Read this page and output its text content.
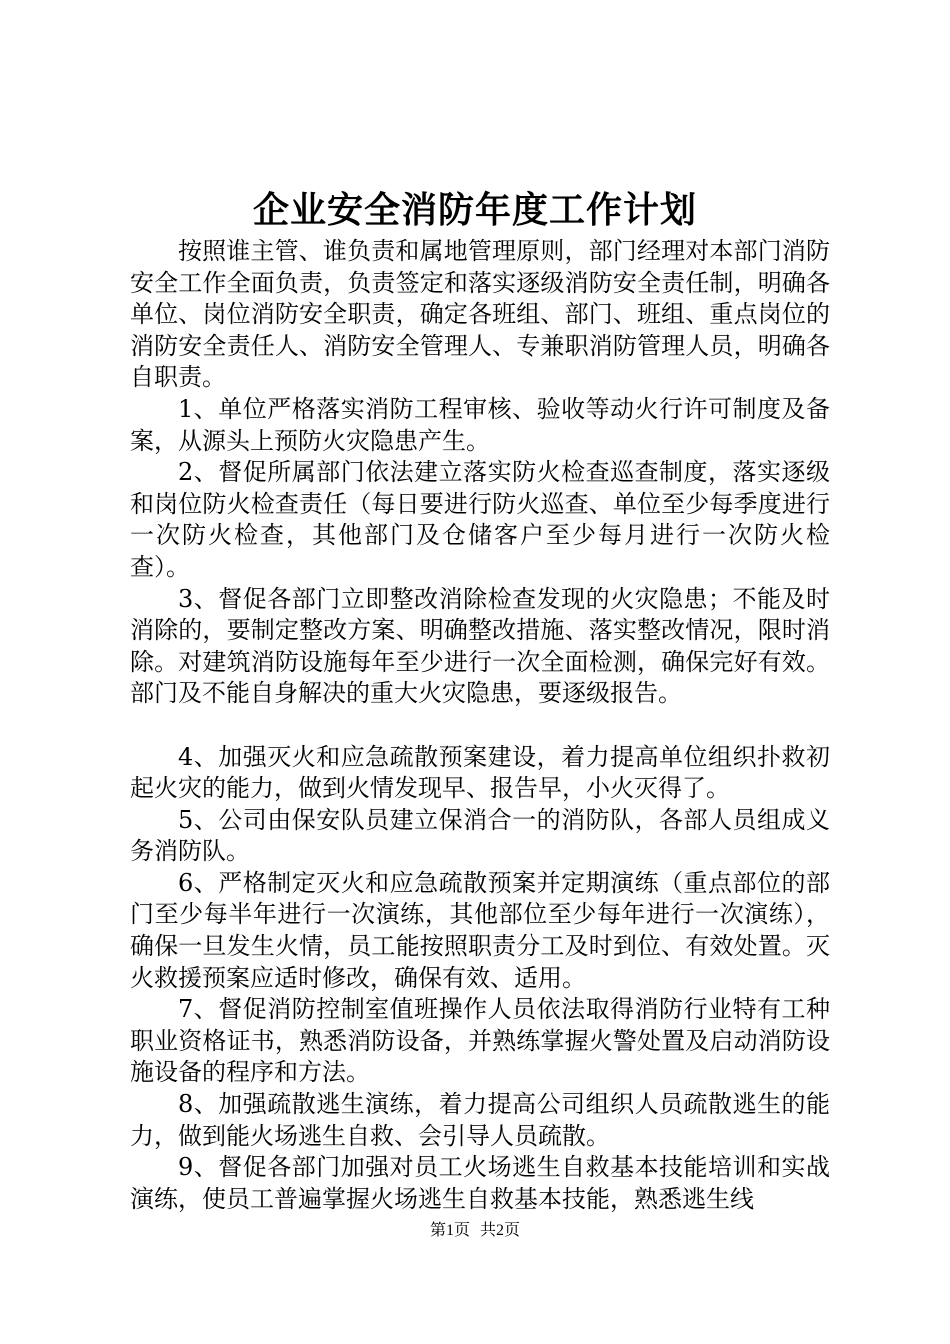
企业安全消防年度工作计划

按照谁主管、谁负责和属地管理原则，部门经理对本部门消防安全工作全面负责，负责签定和落实逐级消防安全责任制，明确各单位、岗位消防安全职责，确定各班组、部门、班组、重点岗位的消防安全责任人、消防安全管理人、专兼职消防管理人员，明确各自职责。

1、单位严格落实消防工程审核、验收等动火行许可制度及备案，从源头上预防火灾隐患产生。

2、督促所属部门依法建立落实防火检查巡查制度，落实逐级和岗位防火检查责任（每日要进行防火巡查、单位至少每季度进行一次防火检查，其他部门及仓储客户至少每月进行一次防火检查）。

3、督促各部门立即整改消除检查发现的火灾隐患；不能及时消除的，要制定整改方案、明确整改措施、落实整改情况，限时消除。对建筑消防设施每年至少进行一次全面检测，确保完好有效。部门及不能自身解决的重大火灾隐患，要逐级报告。

4、加强灭火和应急疏散预案建设，着力提高单位组织扑救初起火灾的能力，做到火情发现早、报告早，小火灭得了。

5、公司由保安队员建立保消合一的消防队，各部人员组成义务消防队。

6、严格制定灭火和应急疏散预案并定期演练（重点部位的部门至少每半年进行一次演练，其他部位至少每年进行一次演练），确保一旦发生火情，员工能按照职责分工及时到位、有效处置。灭火救援预案应适时修改，确保有效、适用。

7、督促消防控制室值班操作人员依法取得消防行业特有工种职业资格证书，熟悉消防设备，并熟练掌握火警处置及启动消防设施设备的程序和方法。

8、加强疏散逃生演练，着力提高公司组织人员疏散逃生的能力，做到能火场逃生自救、会引导人员疏散。

9、督促各部门加强对员工火场逃生自救基本技能培训和实战演练，使员工普遍掌握火场逃生自救基本技能，熟悉逃生线

第1页 共2页
